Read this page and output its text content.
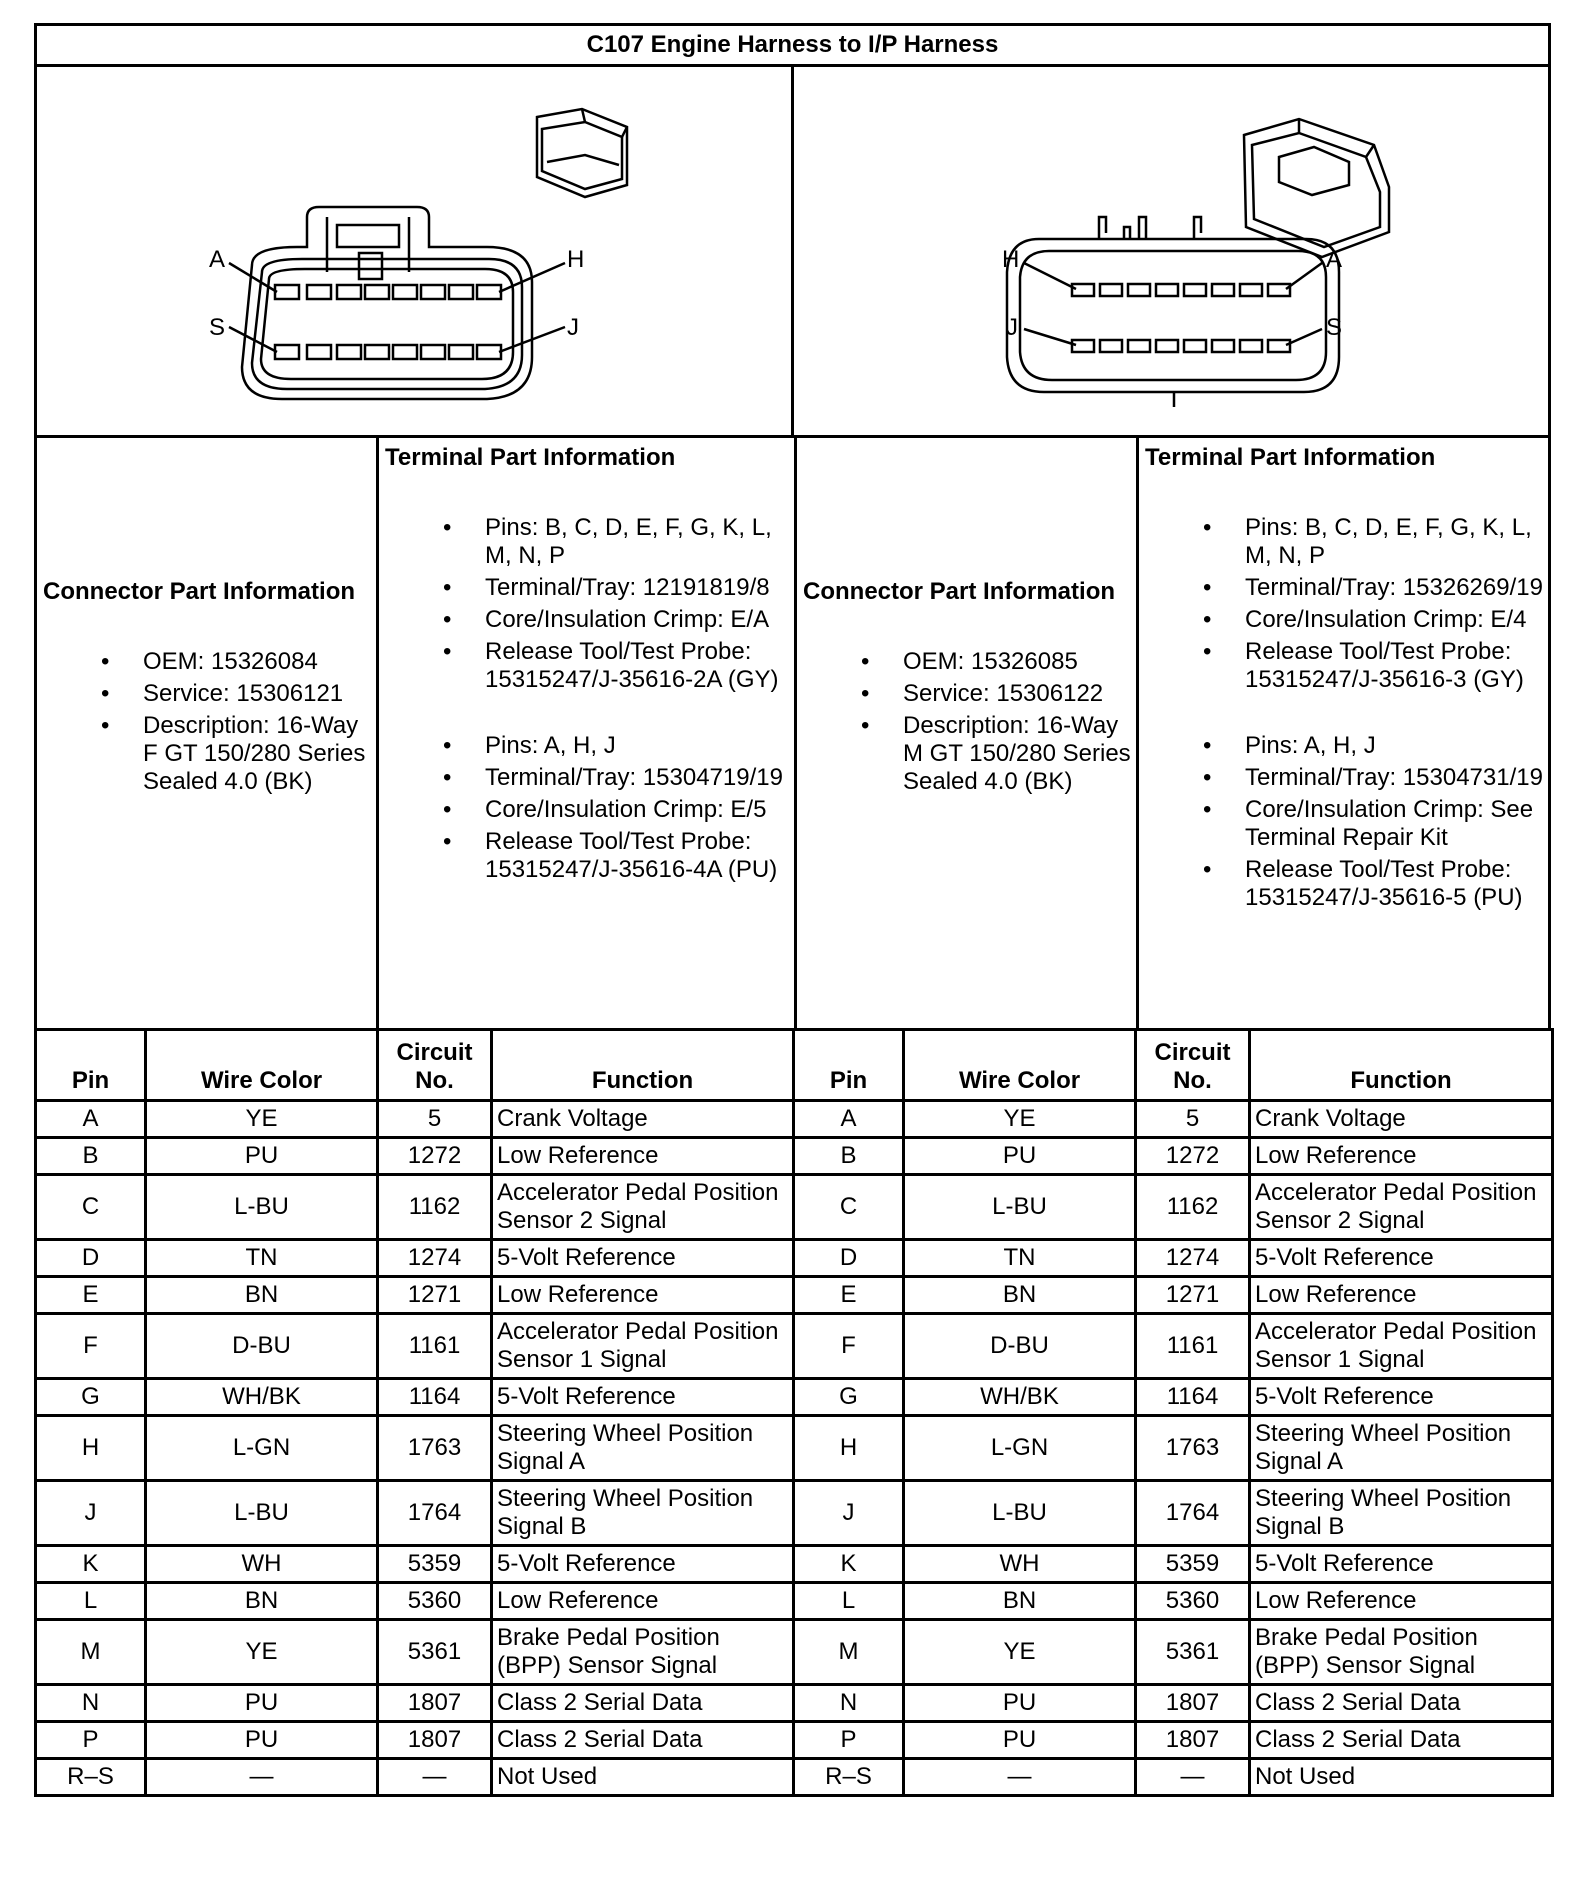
C107 Engine Harness to I/P Harness
A	H
S	J
H	A
J	S
Connector Part Information
• OEM: 15326084
• Service: 15306121
• Description: 16-Way F GT 150/280 Series Sealed 4.0 (BK)
Terminal Part Information
• Pins: B, C, D, E, F, G, K, L, M, N, P
• Terminal/Tray: 12191819/8
• Core/Insulation Crimp: E/A
• Release Tool/Test Probe: 15315247/J-35616-2A (GY)
• Pins: A, H, J
• Terminal/Tray: 15304719/19
• Core/Insulation Crimp: E/5
• Release Tool/Test Probe: 15315247/J-35616-4A (PU)
Connector Part Information
• OEM: 15326085
• Service: 15306122
• Description: 16-Way M GT 150/280 Series Sealed 4.0 (BK)
Terminal Part Information
• Pins: B, C, D, E, F, G, K, L, M, N, P
• Terminal/Tray: 15326269/19
• Core/Insulation Crimp: E/4
• Release Tool/Test Probe: 15315247/J-35616-3 (GY)
• Pins: A, H, J
• Terminal/Tray: 15304731/19
• Core/Insulation Crimp: See Terminal Repair Kit
• Release Tool/Test Probe: 15315247/J-35616-5 (PU)
Pin	Wire Color	Circuit No.	Function	Pin	Wire Color	Circuit No.	Function
A	YE	5	Crank Voltage	A	YE	5	Crank Voltage
B	PU	1272	Low Reference	B	PU	1272	Low Reference
C	L-BU	1162	Accelerator Pedal Position Sensor 2 Signal	C	L-BU	1162	Accelerator Pedal Position Sensor 2 Signal
D	TN	1274	5-Volt Reference	D	TN	1274	5-Volt Reference
E	BN	1271	Low Reference	E	BN	1271	Low Reference
F	D-BU	1161	Accelerator Pedal Position Sensor 1 Signal	F	D-BU	1161	Accelerator Pedal Position Sensor 1 Signal
G	WH/BK	1164	5-Volt Reference	G	WH/BK	1164	5-Volt Reference
H	L-GN	1763	Steering Wheel Position Signal A	H	L-GN	1763	Steering Wheel Position Signal A
J	L-BU	1764	Steering Wheel Position Signal B	J	L-BU	1764	Steering Wheel Position Signal B
K	WH	5359	5-Volt Reference	K	WH	5359	5-Volt Reference
L	BN	5360	Low Reference	L	BN	5360	Low Reference
M	YE	5361	Brake Pedal Position (BPP) Sensor Signal	M	YE	5361	Brake Pedal Position (BPP) Sensor Signal
N	PU	1807	Class 2 Serial Data	N	PU	1807	Class 2 Serial Data
P	PU	1807	Class 2 Serial Data	P	PU	1807	Class 2 Serial Data
R–S	—	—	Not Used	R–S	—	—	Not Used
